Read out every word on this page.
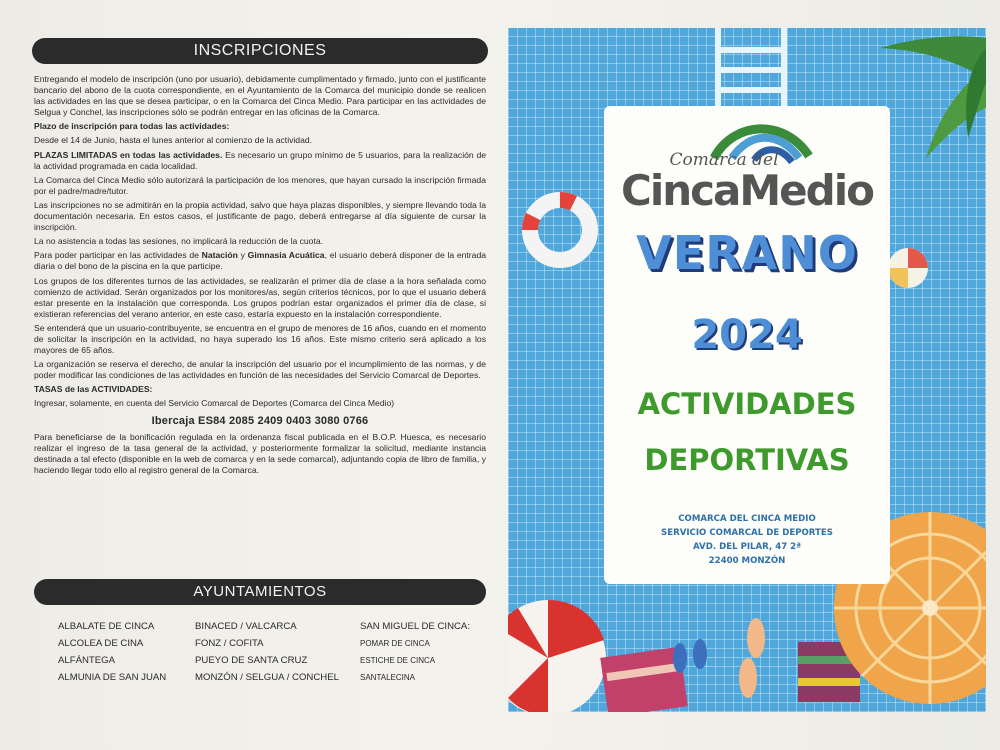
INSCRIPCIONES

Entregando el modelo de inscripción (uno por usuario), debidamente cumplimentado y firmado, junto con el justificante bancario del abono de la cuota correspondiente, en el Ayuntamiento de la Comarca del municipio donde se realicen las actividades en las que se desea participar, o en la Comarca del Cinca Medio. Para participar en las actividades de Selgua y Conchel, las inscripciones sólo se podrán entregar en las oficinas de la Comarca.

Plazo de inscripción para todas las actividades:

Desde el 14 de Junio, hasta el lunes anterior al comienzo de la actividad.

PLAZAS LIMITADAS en todas las actividades. Es necesario un grupo mínimo de 5 usuarios, para la realización de la actividad programada en cada localidad.

La Comarca del Cinca Medio sólo autorizará la participación de los menores, que hayan cursado la inscripción firmada por el padre/madre/tutor.

Las inscripciones no se admitirán en la propia actividad, salvo que haya plazas disponibles, y siempre llevando toda la documentación necesaria. En estos casos, el justificante de pago, deberá entregarse al día siguiente de cursar la inscripción.

La no asistencia a todas las sesiones, no implicará la reducción de la cuota.

Para poder participar en las actividades de Natación y Gimnasia Acuática, el usuario deberá disponer de la entrada diaria o del bono de la piscina en la que participe.

Los grupos de los diferentes turnos de las actividades, se realizarán el primer día de clase a la hora señalada como comienzo de actividad. Serán organizados por los monitores/as, según criterios técnicos, por lo que el usuario deberá estar presente en la instalación que corresponda. Los grupos podrían estar organizados el primer día de clase, si existieran referencias del verano anterior, en este caso, estaría expuesto en la instalación correspondiente.

Se entenderá que un usuario-contribuyente, se encuentra en el grupo de menores de 16 años, cuando en el momento de solicitar la inscripción en la actividad, no haya superado los 16 años. Este mismo criterio será aplicado a los mayores de 65 años.

La organización se reserva el derecho, de anular la inscripción del usuario por el incumplimiento de las normas, y de poder modificar las condiciones de las actividades en función de las necesidades del Servicio Comarcal de Deportes.

TASAS de las ACTIVIDADES:

Ingresar, solamente, en cuenta del Servicio Comarcal de Deportes (Comarca del Cinca Medio)

Ibercaja ES84 2085 2409 0403 3080 0766

Para beneficiarse de la bonificación regulada en la ordenanza fiscal publicada en el B.O.P. Huesca, es necesario realizar el ingreso de la tasa general de la actividad, y posteriormente formalizar la solicitud, mediante instancia destinada a tal efecto (disponible en la web de comarca y en la sede comarcal), adjuntando copia de libro de familia, y haciendo llegar todo ello al registro general de la Comarca.

AYUNTAMIENTOS
ALBALATE DE CINCA
ALCOLEA DE CINA
ALFÁNTEGA
ALMUNIA DE SAN JUAN
BINACED / VALCARCA
FONZ / COFITA
PUEYO DE SANTA CRUZ
MONZÓN / SELGUA / CONCHEL
SAN MIGUEL DE CINCA:
POMAR DE CINCA
ESTICHE DE CINCA
SANTALECINA
Comarca del
CincaMedio
VERANO
2024
ACTIVIDADES
DEPORTIVAS
COMARCA DEL CINCA MEDIO
SERVICIO COMARCAL DE DEPORTES
AVD. DEL PILAR, 47 2ª
22400 MONZÓN
